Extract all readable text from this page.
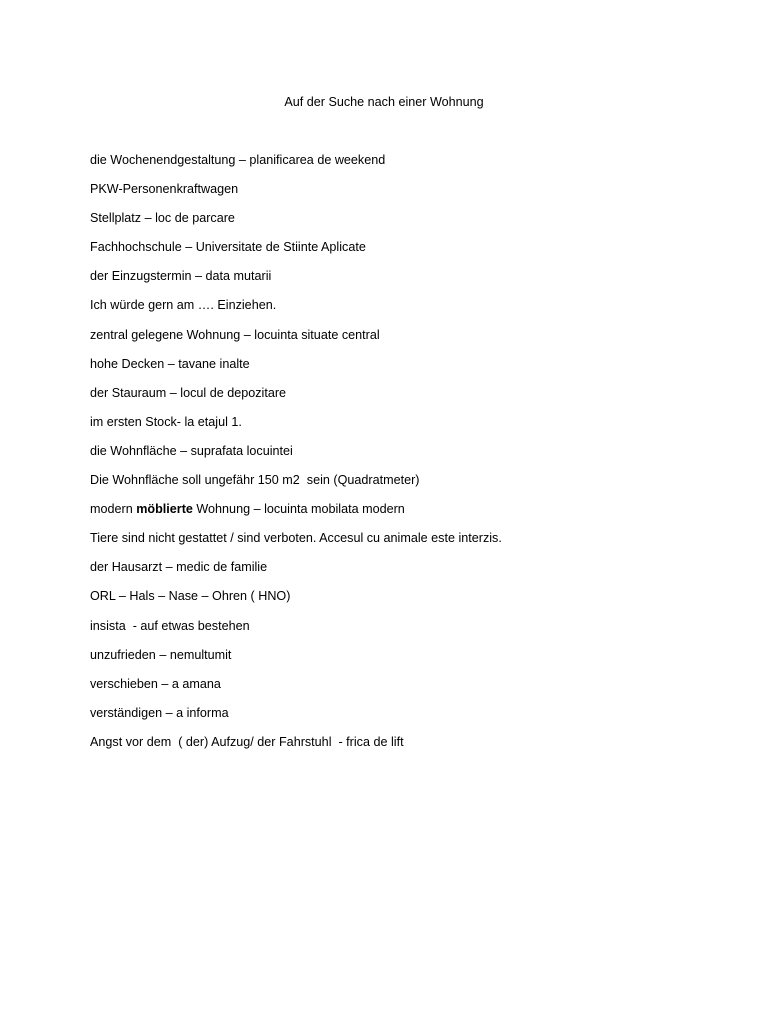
Auf der Suche nach einer Wohnung
die Wochenendgestaltung – planificarea de weekend
PKW-Personenkraftwagen
Stellplatz – loc de parcare
Fachhochschule – Universitate de Stiinte Aplicate
der Einzugstermin – data mutarii
Ich würde gern am …. Einziehen.
zentral gelegene Wohnung – locuinta situate central
hohe Decken – tavane inalte
der Stauraum – locul de depozitare
im ersten Stock- la etajul 1.
die Wohnfläche – suprafata locuintei
Die Wohnfläche soll ungefähr 150 m2  sein (Quadratmeter)
modern möblierte Wohnung – locuinta mobilata modern
Tiere sind nicht gestattet / sind verboten. Accesul cu animale este interzis.
der Hausarzt – medic de familie
ORL – Hals – Nase – Ohren ( HNO)
insista  - auf etwas bestehen
unzufrieden – nemultumit
verschieben – a amana
verständigen – a informa
Angst vor dem  ( der) Aufzug/ der Fahrstuhl  - frica de lift
